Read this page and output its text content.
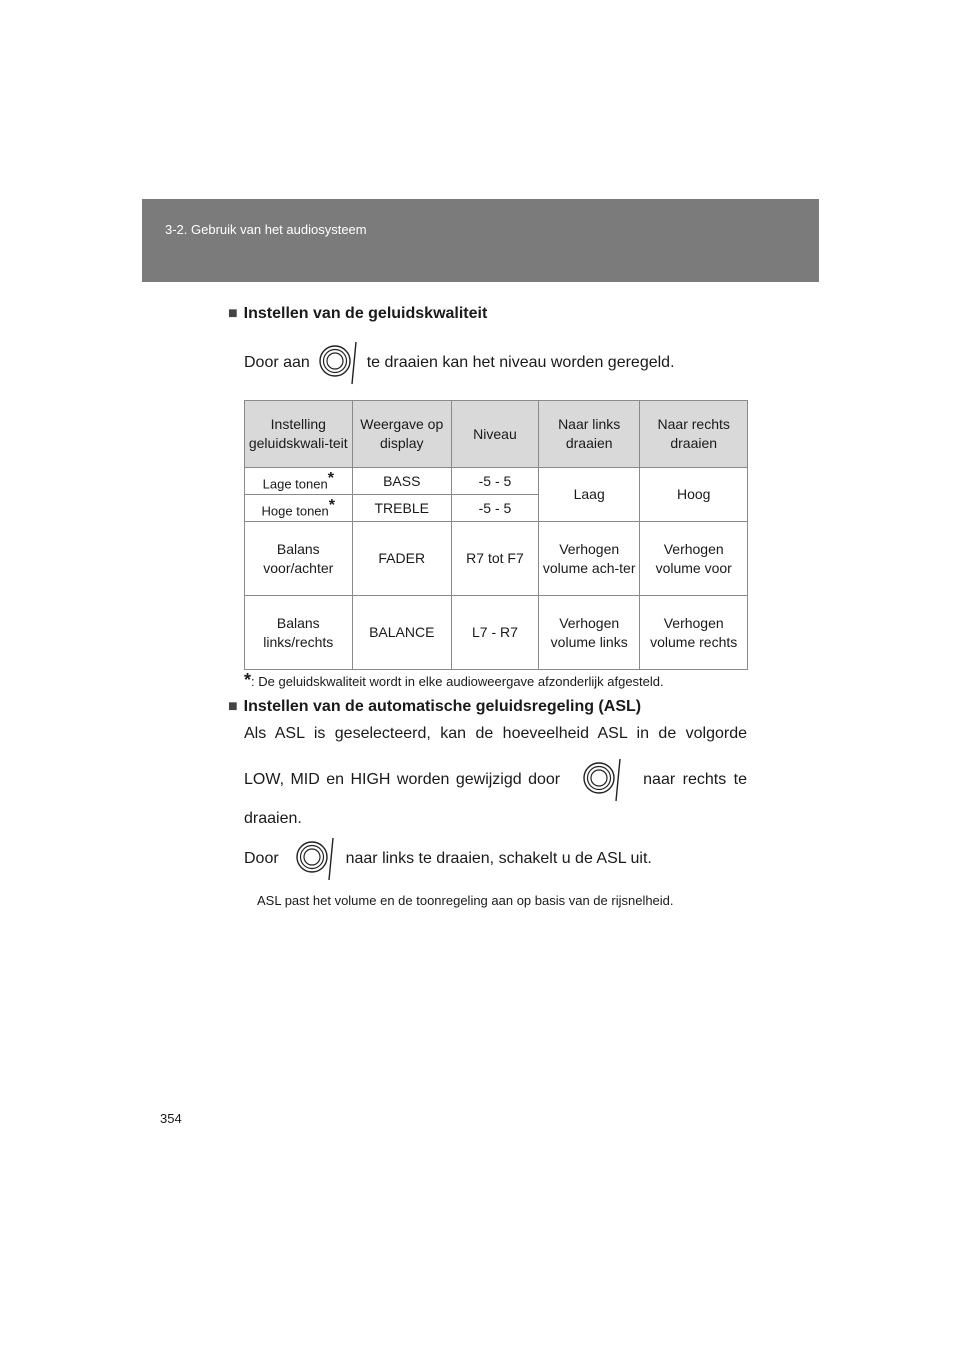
3-2. Gebruik van het audiosysteem
■ Instellen van de geluidskwaliteit
Door aan	te draaien kan het niveau worden geregeld.
Instelling geluidskwali-teit	Weergave op display	Niveau	Naar links draaien	Naar rechts draaien
Lage tonen*	BASS	-5 - 5	Laag	Hoog
Hoge tonen*	TREBLE	-5 - 5		
Balans voor/achter	FADER	R7 tot F7	Verhogen volume ach-ter	Verhogen volume voor
Balans links/rechts	BALANCE	L7 - R7	Verhogen volume links	Verhogen volume rechts
*: De geluidskwaliteit wordt in elke audioweergave afzonderlijk afgesteld.
■ Instellen van de automatische geluidsregeling (ASL)
Als ASL is geselecteerd, kan de hoeveelheid ASL in de volgorde
LOW, MID en HIGH worden gewijzigd door	naar rechts te
draaien.
Door	naar links te draaien, schakelt u de ASL uit.
ASL past het volume en de toonregeling aan op basis van de rijsnelheid.
354
